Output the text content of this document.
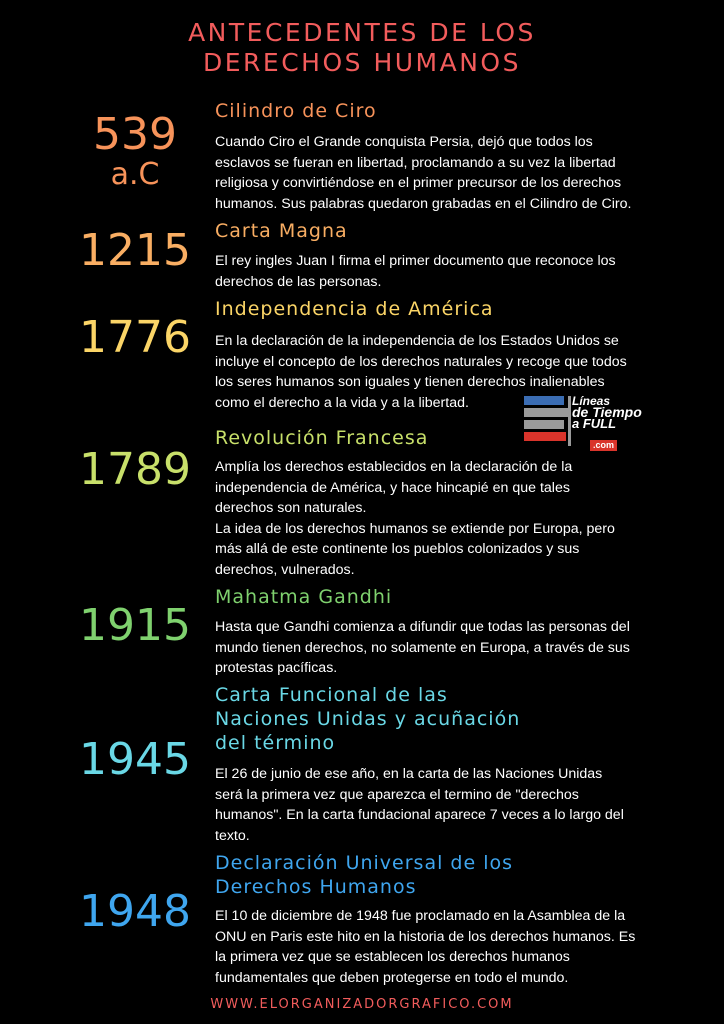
ANTECEDENTES DE LOS
DERECHOS HUMANOS
539
a.C
Cilindro de Ciro
Cuando Ciro el Grande conquista Persia, dejó que todos los
esclavos se fueran en libertad, proclamando a su vez la libertad
religiosa y convirtiéndose en el primer precursor de los derechos
humanos. Sus palabras quedaron grabadas en el Cilindro de Ciro.
1215	Carta Magna
El rey ingles Juan I firma el primer documento que reconoce los
derechos de las personas.
1776
Independencia de América
En la declaración de la independencia de los Estados Unidos se
incluye el concepto de los derechos naturales y recoge que todos
los seres humanos son iguales y tienen derechos inalienables
como el derecho a la vida y a la libertad.	Líneas
de Tiempo
a FULL
.com
1789
Revolución Francesa
Amplía los derechos establecidos en la declaración de la
independencia de América, y hace hincapié en que tales
derechos son naturales.
La idea de los derechos humanos se extiende por Europa, pero
más allá de este continente los pueblos colonizados y sus
derechos, vulnerados.
1915
Mahatma Gandhi
Hasta que Gandhi comienza a difundir que todas las personas del
mundo tienen derechos, no solamente en Europa, a través de sus
protestas pacíficas.
1945
Carta Funcional de las
Naciones Unidas y acuñación
del término
El 26 de junio de ese año, en la carta de las Naciones Unidas
será la primera vez que aparezca el termino de "derechos
humanos". En la carta fundacional aparece 7 veces a lo largo del
texto.
1948
Declaración Universal de los
Derechos Humanos
El 10 de diciembre de 1948 fue proclamado en la Asamblea de la
ONU en Paris este hito en la historia de los derechos humanos. Es
la primera vez que se establecen los derechos humanos
fundamentales que deben protegerse en todo el mundo.
WWW.ELORGANIZADORGRAFICO.COM
